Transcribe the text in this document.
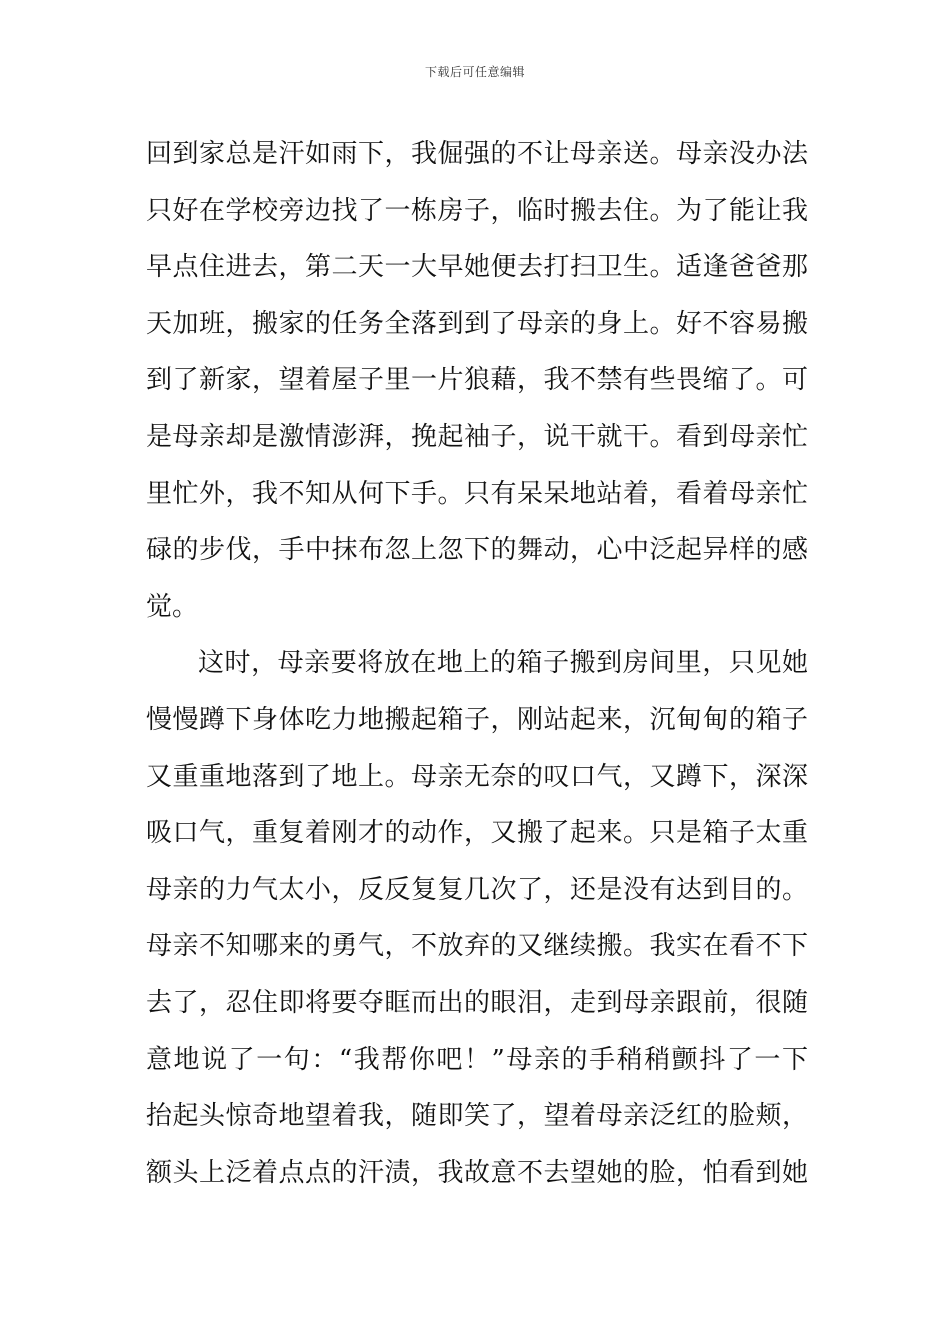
下载后可任意编辑
回到家总是汗如雨下，我倔强的不让母亲送。母亲没办法
只好在学校旁边找了一栋房子，临时搬去住。为了能让我
早点住进去，第二天一大早她便去打扫卫生。适逢爸爸那
天加班，搬家的任务全落到到了母亲的身上。好不容易搬
到了新家，望着屋子里一片狼藉，我不禁有些畏缩了。可
是母亲却是激情澎湃，挽起袖子，说干就干。看到母亲忙
里忙外，我不知从何下手。只有呆呆地站着，看着母亲忙
碌的步伐，手中抹布忽上忽下的舞动，心中泛起异样的感
觉。
这时，母亲要将放在地上的箱子搬到房间里，只见她
慢慢蹲下身体吃力地搬起箱子，刚站起来，沉甸甸的箱子
又重重地落到了地上。母亲无奈的叹口气，又蹲下，深深
吸口气，重复着刚才的动作，又搬了起来。只是箱子太重
母亲的力气太小，反反复复几次了，还是没有达到目的。
母亲不知哪来的勇气，不放弃的又继续搬。我实在看不下
去了，忍住即将要夺眶而出的眼泪，走到母亲跟前，很随
意地说了一句：“我帮你吧！”母亲的手稍稍颤抖了一下
抬起头惊奇地望着我，随即笑了，望着母亲泛红的脸颊，
额头上泛着点点的汗渍，我故意不去望她的脸，怕看到她
